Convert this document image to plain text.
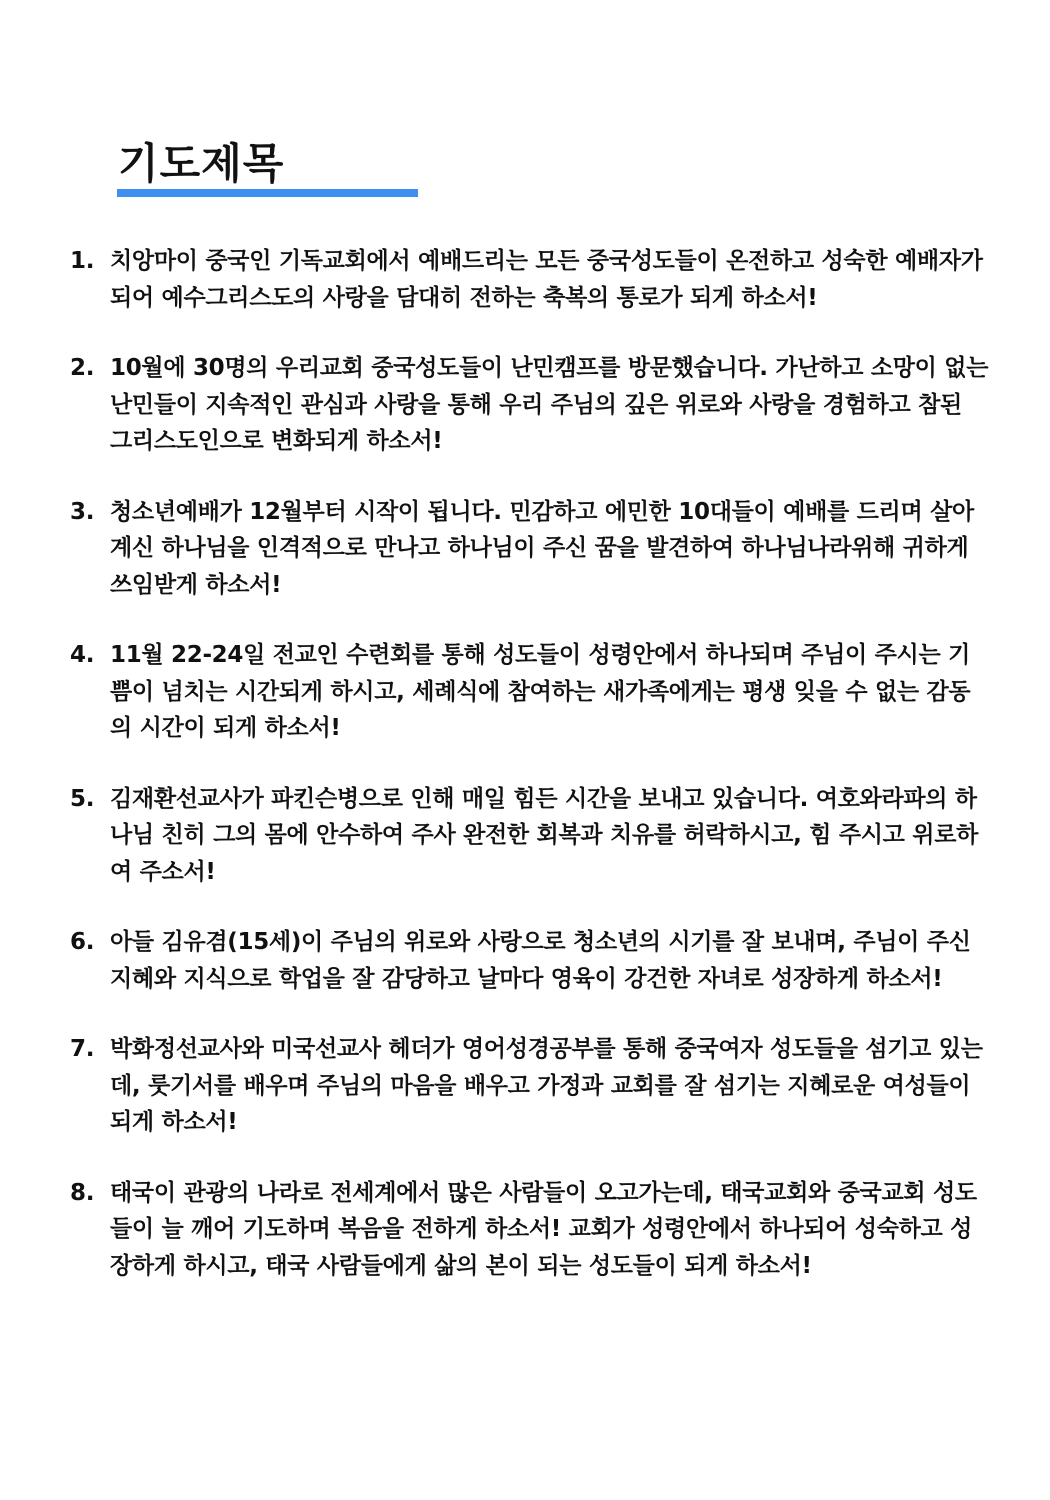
기도제목
1. 치앙마이 중국인 기독교회에서 예배드리는 모든 중국성도들이 온전하고 성숙한 예배자가 되어 예수그리스도의 사랑을 담대히 전하는 축복의 통로가 되게 하소서!
2. 10월에 30명의 우리교회 중국성도들이 난민캠프를 방문했습니다. 가난하고 소망이 없는 난민들이 지속적인 관심과 사랑을 통해 우리 주님의 깊은 위로와 사랑을 경험하고 참된 그리스도인으로 변화되게 하소서!
3. 청소년예배가 12월부터 시작이 됩니다. 민감하고 에민한 10대들이 예배를 드리며 살아계신 하나님을 인격적으로 만나고 하나님이 주신 꿈을 발견하여 하나님나라위해 귀하게 쓰임받게 하소서!
4. 11월 22-24일 전교인 수련회를 통해 성도들이 성령안에서 하나되며 주님이 주시는 기쁨이 넘치는 시간되게 하시고, 세례식에 참여하는 새가족에게는 평생 잊을 수 없는 감동의 시간이 되게 하소서!
5. 김재환선교사가 파킨슨병으로 인해 매일 힘든 시간을 보내고 있습니다. 여호와라파의 하나님 친히 그의 몸에 안수하여 주사 완전한 회복과 치유를 허락하시고, 힘 주시고 위로하여 주소서!
6. 아들 김유겸(15세)이 주님의 위로와 사랑으로 청소년의 시기를 잘 보내며, 주님이 주신 지혜와 지식으로 학업을 잘 감당하고 날마다 영육이 강건한 자녀로 성장하게 하소서!
7. 박화정선교사와 미국선교사 헤더가 영어성경공부를 통해 중국여자 성도들을 섬기고 있는데, 룻기서를 배우며 주님의 마음을 배우고 가정과 교회를 잘 섬기는 지혜로운 여성들이 되게 하소서!
8. 태국이 관광의 나라로 전세계에서 많은 사람들이 오고가는데, 태국교회와 중국교회 성도들이 늘 깨어 기도하며 복음을 전하게 하소서! 교회가 성령안에서 하나되어 성숙하고 성장하게 하시고, 태국 사람들에게 삶의 본이 되는 성도들이 되게 하소서!
